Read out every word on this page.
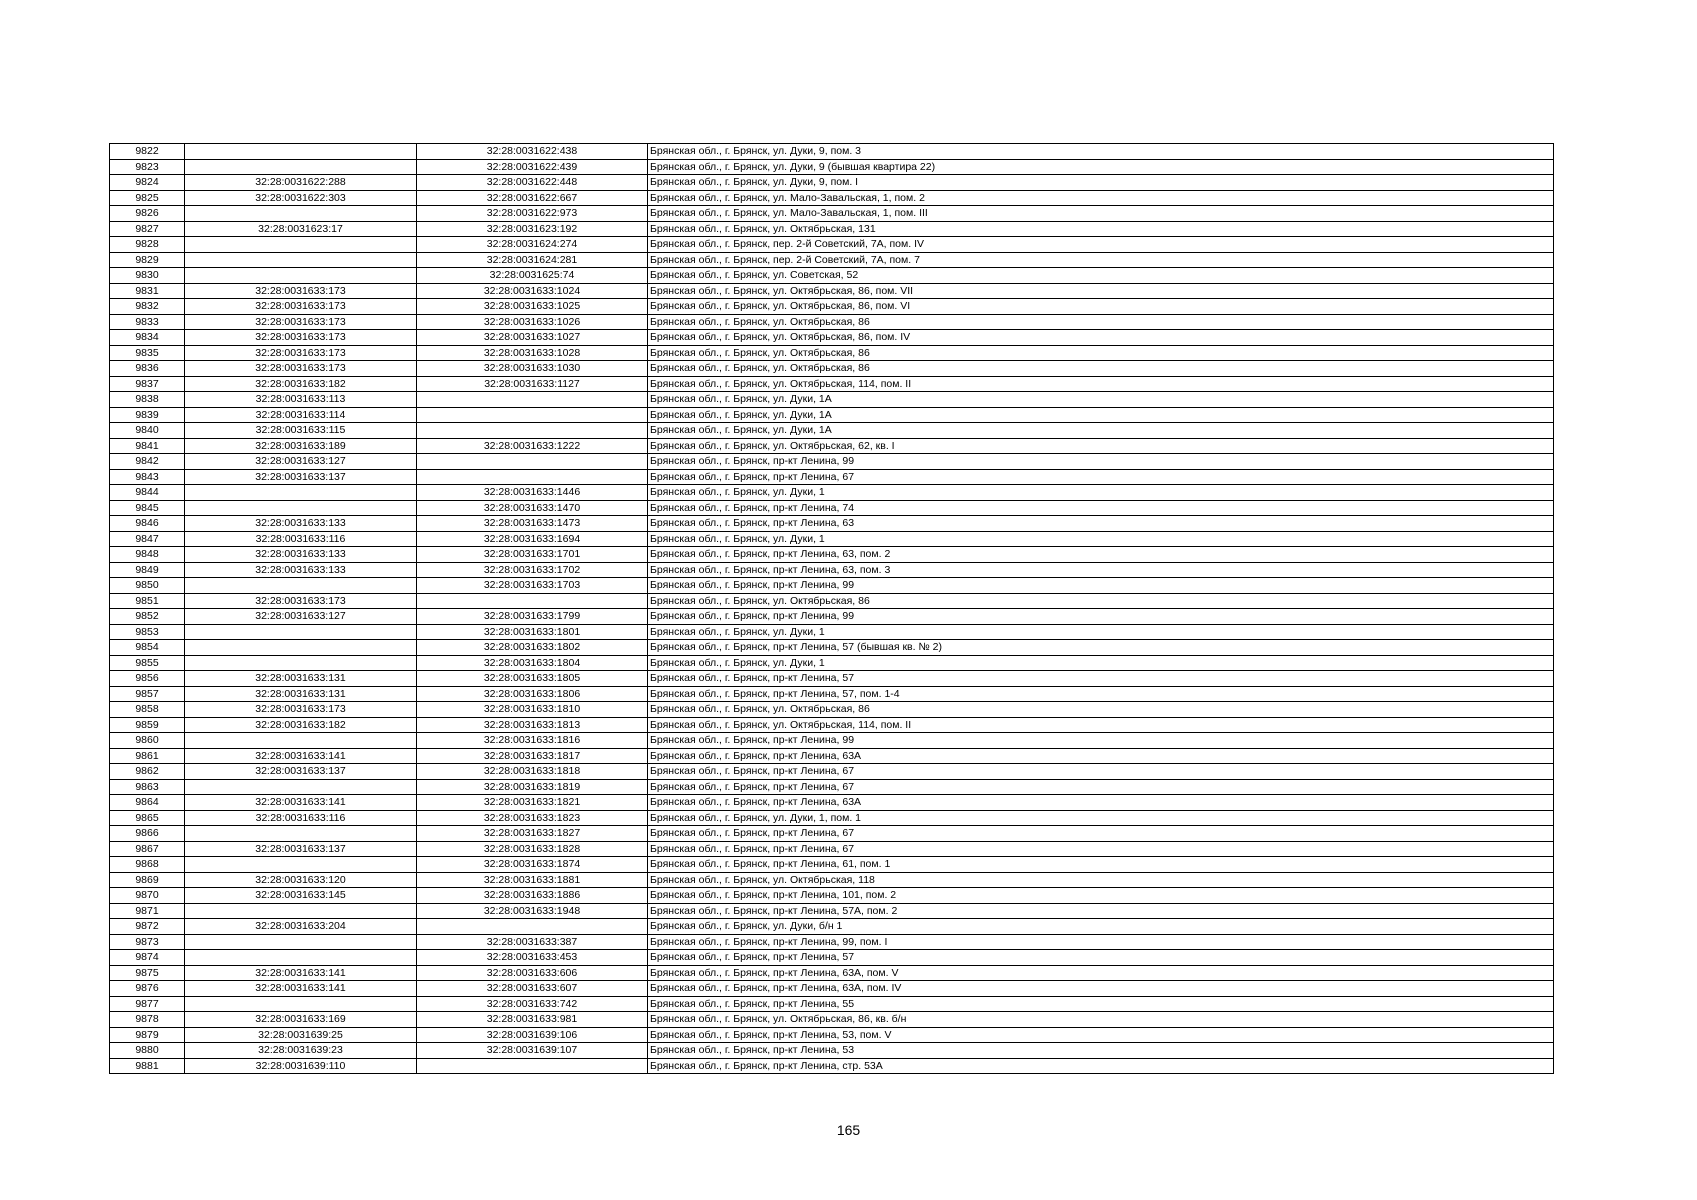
9822		32:28:0031622:438	Брянская обл., г. Брянск, ул. Дуки, 9, пом. 3
9823		32:28:0031622:439	Брянская обл., г. Брянск, ул. Дуки, 9 (бывшая квартира 22)
9824	32:28:0031622:288	32:28:0031622:448	Брянская обл., г. Брянск, ул. Дуки, 9, пом. I
9825	32:28:0031622:303	32:28:0031622:667	Брянская обл., г. Брянск, ул. Мало-Завальская, 1, пом. 2
9826		32:28:0031622:973	Брянская обл., г. Брянск, ул. Мало-Завальская, 1, пом. III
9827	32:28:0031623:17	32:28:0031623:192	Брянская обл., г. Брянск, ул. Октябрьская, 131
9828		32:28:0031624:274	Брянская обл., г. Брянск, пер. 2-й Советский, 7А, пом. IV
9829		32:28:0031624:281	Брянская обл., г. Брянск, пер. 2-й Советский, 7А, пом. 7
9830		32:28:0031625:74	Брянская обл., г. Брянск, ул. Советская, 52
9831	32:28:0031633:173	32:28:0031633:1024	Брянская обл., г. Брянск, ул. Октябрьская, 86, пом. VII
9832	32:28:0031633:173	32:28:0031633:1025	Брянская обл., г. Брянск, ул. Октябрьская, 86, пом. VI
9833	32:28:0031633:173	32:28:0031633:1026	Брянская обл., г. Брянск, ул. Октябрьская, 86
9834	32:28:0031633:173	32:28:0031633:1027	Брянская обл., г. Брянск, ул. Октябрьская, 86, пом. IV
9835	32:28:0031633:173	32:28:0031633:1028	Брянская обл., г. Брянск, ул. Октябрьская, 86
9836	32:28:0031633:173	32:28:0031633:1030	Брянская обл., г. Брянск, ул. Октябрьская, 86
9837	32:28:0031633:182	32:28:0031633:1127	Брянская обл., г. Брянск, ул. Октябрьская, 114, пом. II
9838	32:28:0031633:113		Брянская обл., г. Брянск, ул. Дуки, 1А
9839	32:28:0031633:114		Брянская обл., г. Брянск, ул. Дуки, 1А
9840	32:28:0031633:115		Брянская обл., г. Брянск, ул. Дуки, 1А
9841	32:28:0031633:189	32:28:0031633:1222	Брянская обл., г. Брянск, ул. Октябрьская, 62, кв. I
9842	32:28:0031633:127		Брянская обл., г. Брянск, пр-кт Ленина, 99
9843	32:28:0031633:137		Брянская обл., г. Брянск, пр-кт Ленина, 67
9844		32:28:0031633:1446	Брянская обл., г. Брянск, ул. Дуки, 1
9845		32:28:0031633:1470	Брянская обл., г. Брянск, пр-кт Ленина, 74
9846	32:28:0031633:133	32:28:0031633:1473	Брянская обл., г. Брянск, пр-кт Ленина, 63
9847	32:28:0031633:116	32:28:0031633:1694	Брянская обл., г. Брянск, ул. Дуки, 1
9848	32:28:0031633:133	32:28:0031633:1701	Брянская обл., г. Брянск, пр-кт Ленина, 63, пом. 2
9849	32:28:0031633:133	32:28:0031633:1702	Брянская обл., г. Брянск, пр-кт Ленина, 63, пом. 3
9850		32:28:0031633:1703	Брянская обл., г. Брянск, пр-кт Ленина, 99
9851	32:28:0031633:173		Брянская обл., г. Брянск, ул. Октябрьская, 86
9852	32:28:0031633:127	32:28:0031633:1799	Брянская обл., г. Брянск, пр-кт Ленина, 99
9853		32:28:0031633:1801	Брянская обл., г. Брянск, ул. Дуки, 1
9854		32:28:0031633:1802	Брянская обл., г. Брянск, пр-кт Ленина, 57 (бывшая кв. № 2)
9855		32:28:0031633:1804	Брянская обл., г. Брянск, ул. Дуки, 1
9856	32:28:0031633:131	32:28:0031633:1805	Брянская обл., г. Брянск, пр-кт Ленина, 57
9857	32:28:0031633:131	32:28:0031633:1806	Брянская обл., г. Брянск, пр-кт Ленина, 57, пом. 1-4
9858	32:28:0031633:173	32:28:0031633:1810	Брянская обл., г. Брянск, ул. Октябрьская, 86
9859	32:28:0031633:182	32:28:0031633:1813	Брянская обл., г. Брянск, ул. Октябрьская, 114, пом. II
9860		32:28:0031633:1816	Брянская обл., г. Брянск, пр-кт Ленина, 99
9861	32:28:0031633:141	32:28:0031633:1817	Брянская обл., г. Брянск, пр-кт Ленина, 63А
9862	32:28:0031633:137	32:28:0031633:1818	Брянская обл., г. Брянск, пр-кт Ленина, 67
9863		32:28:0031633:1819	Брянская обл., г. Брянск, пр-кт Ленина, 67
9864	32:28:0031633:141	32:28:0031633:1821	Брянская обл., г. Брянск, пр-кт Ленина, 63А
9865	32:28:0031633:116	32:28:0031633:1823	Брянская обл., г. Брянск, ул. Дуки, 1, пом. 1
9866		32:28:0031633:1827	Брянская обл., г. Брянск, пр-кт Ленина, 67
9867	32:28:0031633:137	32:28:0031633:1828	Брянская обл., г. Брянск, пр-кт Ленина, 67
9868		32:28:0031633:1874	Брянская обл., г. Брянск, пр-кт Ленина, 61, пом. 1
9869	32:28:0031633:120	32:28:0031633:1881	Брянская обл., г. Брянск, ул. Октябрьская, 118
9870	32:28:0031633:145	32:28:0031633:1886	Брянская обл., г. Брянск, пр-кт Ленина, 101, пом. 2
9871		32:28:0031633:1948	Брянская обл., г. Брянск, пр-кт Ленина, 57А, пом. 2
9872	32:28:0031633:204		Брянская обл., г. Брянск, ул. Дуки, б/н 1
9873		32:28:0031633:387	Брянская обл., г. Брянск, пр-кт Ленина, 99, пом. I
9874		32:28:0031633:453	Брянская обл., г. Брянск, пр-кт Ленина, 57
9875	32:28:0031633:141	32:28:0031633:606	Брянская обл., г. Брянск, пр-кт Ленина, 63А, пом. V
9876	32:28:0031633:141	32:28:0031633:607	Брянская обл., г. Брянск, пр-кт Ленина, 63А, пом. IV
9877		32:28:0031633:742	Брянская обл., г. Брянск, пр-кт Ленина, 55
9878	32:28:0031633:169	32:28:0031633:981	Брянская обл., г. Брянск, ул. Октябрьская, 86, кв. б/н
9879	32:28:0031639:25	32:28:0031639:106	Брянская обл., г. Брянск, пр-кт Ленина, 53, пом. V
9880	32:28:0031639:23	32:28:0031639:107	Брянская обл., г. Брянск, пр-кт Ленина, 53
9881	32:28:0031639:110		Брянская обл., г. Брянск, пр-кт Ленина, стр. 53А
165
